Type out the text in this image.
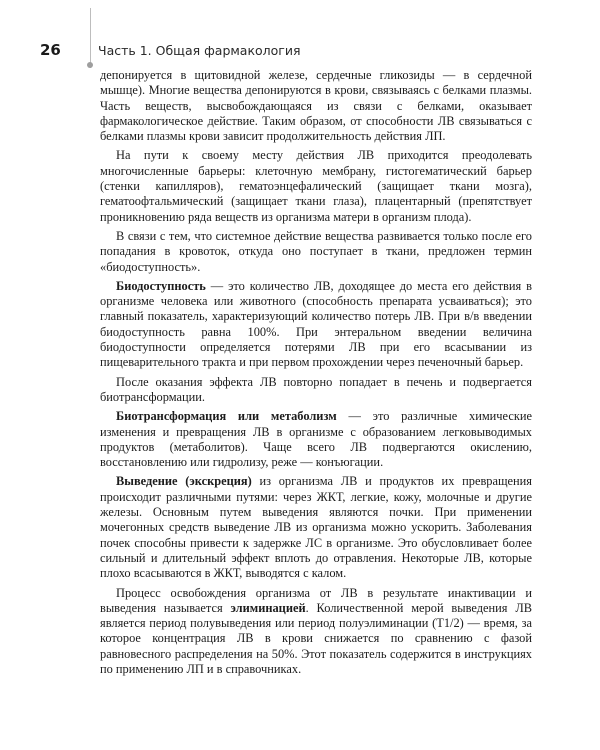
26	Часть 1. Общая фармакология

депонируется в щитовидной железе, сердечные гликозиды — в сердечной мышце). Многие вещества депонируются в крови, связываясь с белками плазмы. Часть веществ, высвобождающаяся из связи с белками, оказывает фармакологическое действие. Таким образом, от способности ЛВ связываться с белками плазмы крови зависит продолжительность действия ЛП.

На пути к своему месту действия ЛВ приходится преодолевать многочисленные барьеры: клеточную мембрану, гистогематический барьер (стенки капилляров), гематоэнцефалический (защищает ткани мозга), гематоофтальмический (защищает ткани глаза), плацентарный (препятствует проникновению ряда веществ из организма матери в организм плода).

В связи с тем, что системное действие вещества развивается только после его попадания в кровоток, откуда оно поступает в ткани, предложен термин «биодоступность».

Биодоступность — это количество ЛВ, доходящее до места его действия в организме человека или животного (способность препарата усваиваться); это главный показатель, характеризующий количество потерь ЛВ. При в/в введении биодоступность равна 100%. При энтеральном введении величина биодоступности определяется потерями ЛВ при его всасывании из пищеварительного тракта и при первом прохождении через печеночный барьер.

После оказания эффекта ЛВ повторно попадает в печень и подвергается биотрансформации.

Биотрансформация или метаболизм — это различные химические изменения и превращения ЛВ в организме с образованием легковыводимых продуктов (метаболитов). Чаще всего ЛВ подвергаются окислению, восстановлению или гидролизу, реже — конъюгации.

Выведение (экскреция) из организма ЛВ и продуктов их превращения происходит различными путями: через ЖКТ, легкие, кожу, молочные и другие железы. Основным путем выведения являются почки. При применении мочегонных средств выведение ЛВ из организма можно ускорить. Заболевания почек способны привести к задержке ЛС в организме. Это обусловливает более сильный и длительный эффект вплоть до отравления. Некоторые ЛВ, которые плохо всасываются в ЖКТ, выводятся с калом.

Процесс освобождения организма от ЛВ в результате инактивации и выведения называется элиминацией. Количественной мерой выведения ЛВ является период полувыведения или период полуэлиминации (T1/2) — время, за которое концентрация ЛВ в крови снижается по сравнению с фазой равновесного распределения на 50%. Этот показатель содержится в инструкциях по применению ЛП и в справочниках.
